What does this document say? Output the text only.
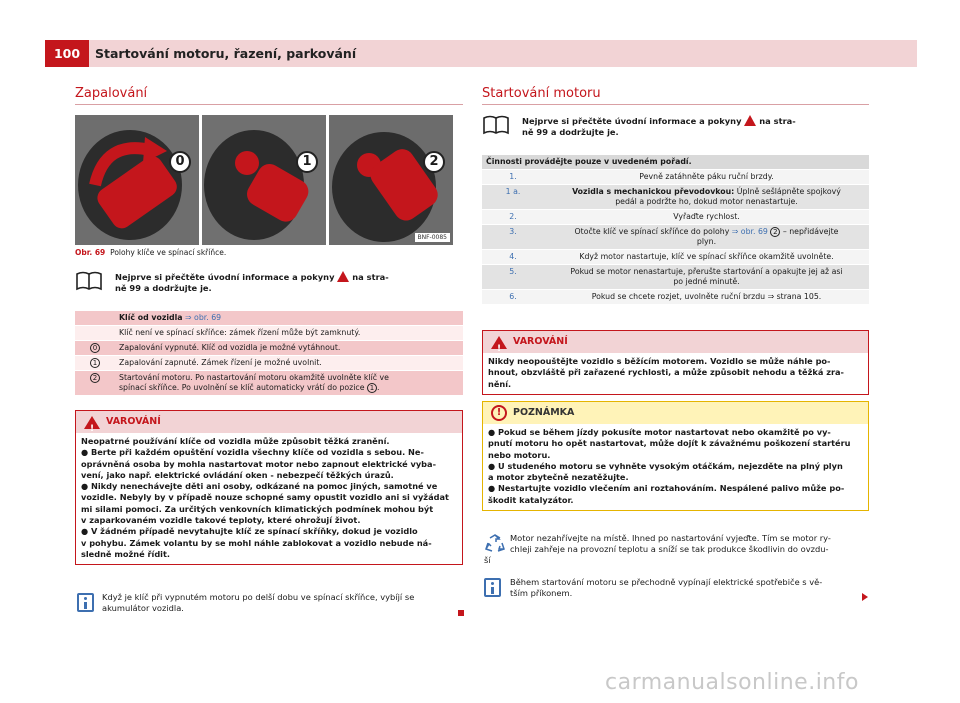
100	Startování motoru, řazení, parkování
Zapalování
0	1	2
BNF-0085
Obr. 69 Polohy klíče ve spínací skříňce.
Nejprve si přečtěte úvodní informace a pokyny na stra-
ně 99 a dodržujte je.
	Klíč od vozidla ⇒ obr. 69
	Klíč není ve spínací skříňce: zámek řízení může být zamknutý.
0	Zapalování vypnuté. Klíč od vozidla je možné vytáhnout.
1	Zapalování zapnuté. Zámek řízení je možné uvolnit.
2	Startování motoru. Po nastartování motoru okamžitě uvolněte klíč ve
spínací skříňce. Po uvolnění se klíč automaticky vrátí do pozice 1 .
!
VAROVÁNÍ
Neopatrné používání klíče od vozidla může způsobit těžká zranění.
● Berte při každém opuštění vozidla všechny klíče od vozidla s sebou. Ne-
oprávněná osoba by mohla nastartovat motor nebo zapnout elektrické vyba-
vení, jako např. elektrické ovládání oken - nebezpečí těžkých úrazů.
● Nikdy nenechávejte děti ani osoby, odkázané na pomoc jiných, samotné ve
vozidle. Nebyly by v případě nouze schopné samy opustit vozidlo ani si vyžádat
mi silami pomoci. Za určitých venkovních klimatických podmínek mohou být
v zaparkovaném vozidle takové teploty, které ohrožují život.
● V žádném případě nevytahujte klíč ze spínací skříňky, dokud je vozidlo
v pohybu. Zámek volantu by se mohl náhle zablokovat a vozidlo nebude ná-
sledně možné řídit.
Když je klíč při vypnutém motoru po delší dobu ve spínací skříňce, vybíjí se
akumulátor vozidla.
Startování motoru
Nejprve si přečtěte úvodní informace a pokyny na stra-
ně 99 a dodržujte je.
Činnosti provádějte pouze v uvedeném pořadí.	
1.	Pevně zatáhněte páku ruční brzdy.
1 a.	Vozidla s mechanickou převodovkou: Úplně sešlápněte spojkový
pedál a podržte ho, dokud motor nenastartuje.
2.	Vyřaďte rychlost.
3.	Otočte klíč ve spínací skříňce do polohy ⇒ obr. 69 2 – nepřidávejte
plyn.
4.	Když motor nastartuje, klíč ve spínací skříňce okamžitě uvolněte.
5.	Pokud se motor nenastartuje, přerušte startování a opakujte jej až asi
po jedné minutě.
6.	Pokud se chcete rozjet, uvolněte ruční brzdu ⇒ strana 105.
!
VAROVÁNÍ
Nikdy neopouštějte vozidlo s běžícím motorem. Vozidlo se může náhle po-
hnout, obzvláště při zařazené rychlosti, a může způsobit nehodu a těžká zra-
nění.
!	POZNÁMKA
● Pokud se během jízdy pokusíte motor nastartovat nebo okamžitě po vy-
pnutí motoru ho opět nastartovat, může dojít k závažnému poškození startéru
nebo motoru.
● U studeného motoru se vyhněte vysokým otáčkám, nejezděte na plný plyn
a motor zbytečně nezatěžujte.
● Nestartujte vozidlo vlečením ani roztahováním. Nespálené palivo může po-
škodit katalyzátor.
Motor nezahřívejte na místě. Ihned po nastartování vyjeďte. Tím se motor ry-
chleji zahřeje na provozní teplotu a sníží se tak produkce škodlivin do ovzdu-
ší
Během startování motoru se přechodně vypínají elektrické spotřebiče s vě-
tším příkonem.
carmanualsonline.info
